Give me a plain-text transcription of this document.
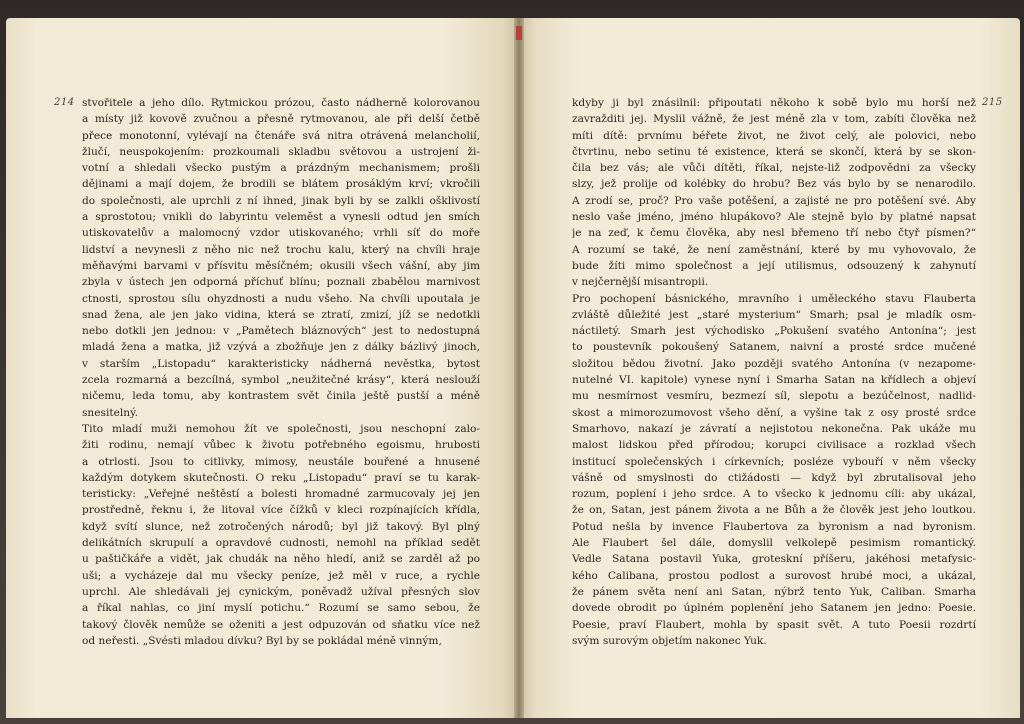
214	215
stvořitele a jeho dílo. Rytmickou prózou, často nádherně kolorovanou
a místy již kovově zvučnou a přesně rytmovanou, ale při delší četbě
přece monotonní, vylévají na čtenáře svá nitra otrávená melancholií,
žlučí, neuspokojením: prozkoumali skladbu světovou a ustrojení ži-
votní a shledali všecko pustým a prázdným mechanismem; prošli
dějinami a mají dojem, že brodili se blátem prosáklým krví; vkročili
do společnosti, ale uprchli z ní ihned, jinak byli by se zalkli ošklivostí
a sprostotou; vnikli do labyrintu veleměst a vynesli odtud jen smích
utiskovatelův a malomocný vzdor utiskovaného; vrhli síť do moře
lidství a nevynesli z něho nic než trochu kalu, který na chvíli hraje
měňavými barvami v přísvitu měsíčném; okusili všech vášní, aby jim
zbyla v ústech jen odporná příchuť blínu; poznali zbabělou marnivost
ctnosti, sprostou sílu ohyzdnosti a nudu všeho. Na chvíli upoutala je
snad žena, ale jen jako vidina, která se ztratí, zmizí, jíž se nedotkli
nebo dotkli jen jednou: v „Pamětech bláznových“ jest to nedostupná
mladá žena a matka, již vzývá a zbožňuje jen z dálky bázlivý jinoch,
v starším „Listopadu“ karakteristicky nádherná nevěstka, bytost
zcela rozmarná a bezcílná, symbol „neužitečné krásy“, která neslouží
ničemu, leda tomu, aby kontrastem svět činila ještě pustší a méně
snesitelný.
Tito mladí muži nemohou žít ve společnosti, jsou neschopní zalo-
žiti rodinu, nemají vůbec k životu potřebného egoismu, hrubosti
a otrlosti. Jsou to citlivky, mimosy, neustále bouřené a hnusené
každým dotykem skutečnosti. O reku „Listopadu“ praví se tu karak-
teristicky: „Veřejné neštěstí a bolesti hromadné zarmucovaly jej jen
prostředně, řeknu i, že litoval více čížků v kleci rozpínajících křídla,
když svítí slunce, než zotročených národů; byl již takový. Byl plný
delikátních skrupulí a opravdové cudnosti, nemohl na příklad sedět
u paštičkáře a vidět, jak chudák na něho hledí, aniž se zarděl až po
uši; a vycházeje dal mu všecky peníze, jež měl v ruce, a rychle
uprchl. Ale shledávali jej cynickým, poněvadž užíval přesných slov
a říkal nahlas, co jiní myslí potichu.“ Rozumí se samo sebou, že
takový člověk nemůže se oženiti a jest odpuzován od sňatku více než
od neřesti. „Svésti mladou dívku? Byl by se pokládal méně vinným,
kdyby ji byl znásilnil: připoutati někoho k sobě bylo mu horší než
zavražditi jej. Myslil vážně, že jest méně zla v tom, zabíti člověka než
míti dítě: prvnímu béřete život, ne život celý, ale polovici, nebo
čtvrtinu, nebo setinu té existence, která se skončí, která by se skon-
čila bez vás; ale vůči dítěti, říkal, nejste-liž zodpovědni za všecky
slzy, jež prolije od kolébky do hrobu? Bez vás bylo by se nenarodilo.
A zrodí se, proč? Pro vaše potěšení, a zajisté ne pro potěšení své. Aby
neslo vaše jméno, jméno hlupákovo? Ale stejně bylo by platné napsat
je na zeď, k čemu člověka, aby nesl břemeno tří nebo čtyř písmen?“
A rozumí se také, že není zaměstnání, které by mu vyhovovalo, že
bude žíti mimo společnost a její utilismus, odsouzený k zahynutí
v nejčernější misantropii.
Pro pochopení básnického, mravního i uměleckého stavu Flauberta
zvláště důležité jest „staré mysterium“ Smarh; psal je mladík osm-
náctiletý. Smarh jest východisko „Pokušení svatého Antonína“; jest
to poustevník pokoušený Satanem, naivní a prosté srdce mučené
složitou bědou životní. Jako později svatého Antonína (v nezapome-
nutelné VI. kapitole) vynese nyní i Smarha Satan na křídlech a objeví
mu nesmírnost vesmíru, bezmezí síl, slepotu a bezúčelnost, nadlid-
skost a mimorozumovost všeho dění, a vyšine tak z osy prosté srdce
Smarhovo, nakazí je závratí a nejistotou nekonečna. Pak ukáže mu
malost lidskou před přírodou; korupci civilisace a rozklad všech
institucí společenských i církevních; posléze vybouří v něm všecky
vášně od smyslnosti do ctižádosti — když byl zbrutalisoval jeho
rozum, poplení i jeho srdce. A to všecko k jednomu cíli: aby ukázal,
že on, Satan, jest pánem života a ne Bůh a že člověk jest jeho loutkou.
Potud nešla by invence Flaubertova za byronism a nad byronism.
Ale Flaubert šel dále, domyslil velkolepě pesimism romantický.
Vedle Satana postavil Yuka, groteskní příšeru, jakéhosi metafysic-
kého Calibana, prostou podlost a surovost hrubé moci, a ukázal,
že pánem světa není ani Satan, nýbrž tento Yuk, Caliban. Smarha
dovede obrodit po úplném poplenění jeho Satanem jen jedno: Poesie.
Poesie, praví Flaubert, mohla by spasit svět. A tuto Poesii rozdrtí
svým surovým objetím nakonec Yuk.
